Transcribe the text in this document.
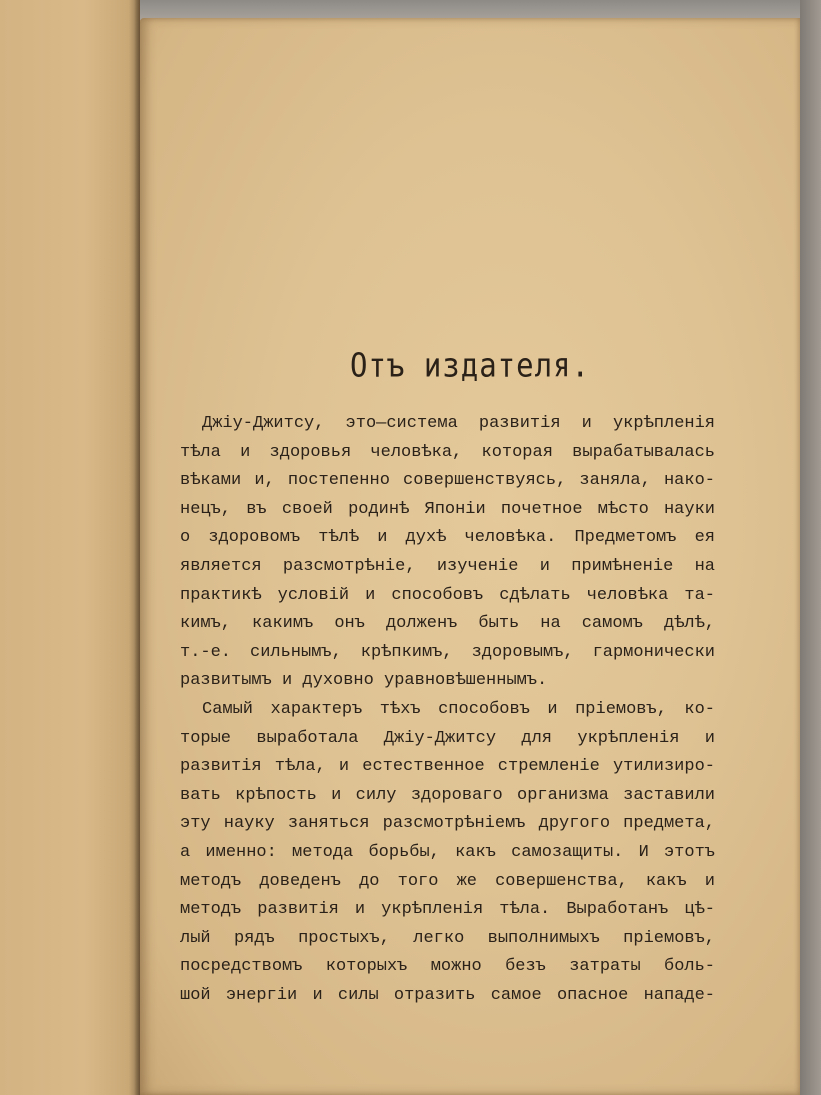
Отъ издателя.
Джiу-Джитсу, это—система развитiя и укрѣпленiя
тѣла и здоровья человѣка, которая вырабатывалась
вѣками и, постепенно совершенствуясь, заняла, нако-
нецъ, въ своей родинѣ Японiи почетное мѣсто науки
о здоровомъ тѣлѣ и духѣ человѣка. Предметомъ ея
является разсмотрѣнiе, изученiе и примѣненiе на
практикѣ условiй и способовъ сдѣлать человѣка та-
кимъ, какимъ онъ долженъ быть на самомъ дѣлѣ,
т.-е. сильнымъ, крѣпкимъ, здоровымъ, гармонически
развитымъ и духовно уравновѣшеннымъ.
Самый характеръ тѣхъ способовъ и прiемовъ, ко-
торые выработала Джiу-Джитсу для укрѣпленiя и
развитiя тѣла, и естественное стремленiе утилизиро-
вать крѣпость и силу здороваго организма заставили
эту науку заняться разсмотрѣнiемъ другого предмета,
а именно: метода борьбы, какъ самозащиты. И этотъ
методъ доведенъ до того же совершенства, какъ и
методъ развитiя и укрѣпленiя тѣла. Выработанъ цѣ-
лый рядъ простыхъ, легко выполнимыхъ прiемовъ,
посредствомъ которыхъ можно безъ затраты боль-
шой энергiи и силы отразить самое опасное нападе-
